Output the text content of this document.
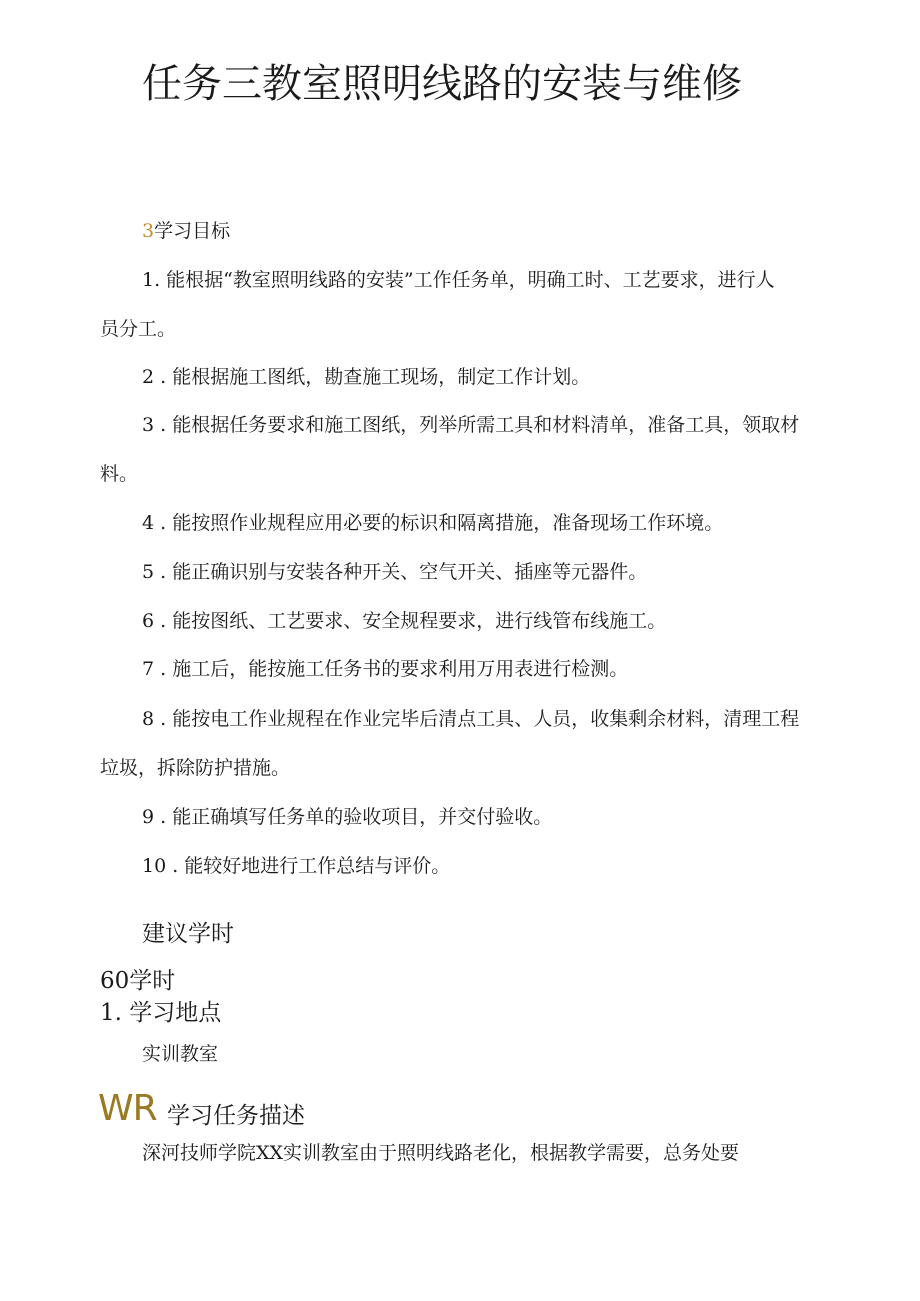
任务三教室照明线路的安装与维修
3学习目标
1. 能根据“教室照明线路的安装”工作任务单，明确工时、工艺要求，进行人
员分工。
2 . 能根据施工图纸，勘查施工现场，制定工作计划。
3 . 能根据任务要求和施工图纸，列举所需工具和材料清单，准备工具，领取材
料。
4 . 能按照作业规程应用必要的标识和隔离措施，准备现场工作环境。
5 . 能正确识别与安装各种开关、空气开关、插座等元器件。
6 . 能按图纸、工艺要求、安全规程要求，进行线管布线施工。
7 . 施工后，能按施工任务书的要求利用万用表进行检测。
8 . 能按电工作业规程在作业完毕后清点工具、人员，收集剩余材料，清理工程
垃圾，拆除防护措施。
9 . 能正确填写任务单的验收项目，并交付验收。
10 . 能较好地进行工作总结与评价。
建议学时
60学时
1. 学习地点
实训教室
WR 学习任务描述
深河技师学院XX实训教室由于照明线路老化，根据教学需要，总务处要
